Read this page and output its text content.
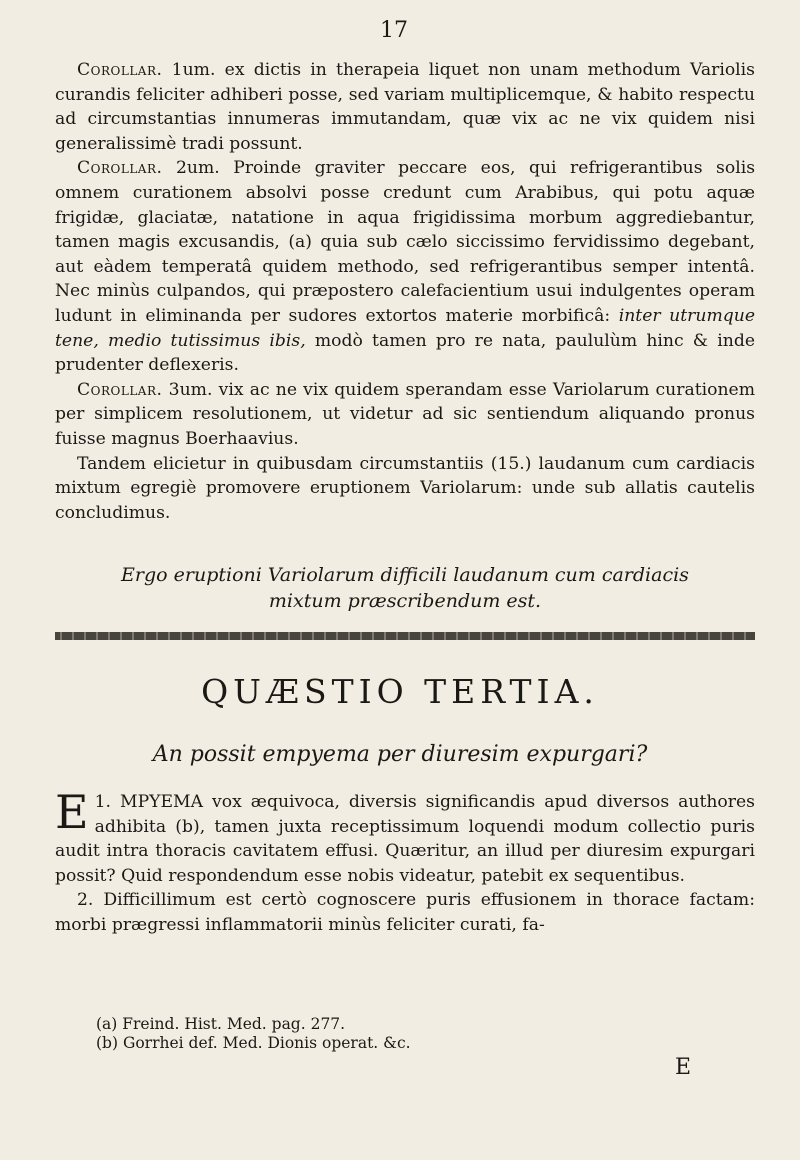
17

Corollar. 1um. ex dictis in therapeia liquet non unam methodum Variolis curandis feliciter adhiberi posse, sed variam multiplicemque, & habito respectu ad circumstantias innumeras immutandam, quæ vix ac ne vix quidem nisi generalissimè tradi possunt.

Corollar. 2um. Proinde graviter peccare eos, qui refrigerantibus solis omnem curationem absolvi posse credunt cum Arabibus, qui potu aquæ frigidæ, glaciatæ, natatione in aqua frigidissima morbum aggrediebantur, tamen magis excusandis, (a) quia sub cælo siccissimo fervidissimo degebant, aut eàdem temperatâ quidem methodo, sed refrigerantibus semper intentâ. Nec minùs culpandos, qui præpostero calefacientium usui indulgentes operam ludunt in eliminanda per sudores extortos materie morbificâ: inter utrumque tene, medio tutissimus ibis, modò tamen pro re nata, paululùm hinc & inde prudenter deflexeris.

Corollar. 3um. vix ac ne vix quidem sperandam esse Variolarum curationem per simplicem resolutionem, ut videtur ad sic sentiendum aliquando pronus fuisse magnus Boerhaavius.

Tandem elicietur in quibusdam circumstantiis (15.) laudanum cum cardiacis mixtum egregiè promovere eruptionem Variolarum: unde sub allatis cautelis concludimus.

Ergo eruptioni Variolarum difficili laudanum cum cardiacis
mixtum præscribendum est.
QUÆSTIO TERTIA.
An possit empyema per diuresim expurgari?

1.
E MPYEMA vox æquivoca, diversis significandis apud diversos authores adhibita (b), tamen juxta receptissimum loquendi modum collectio puris audit intra thoracis cavitatem effusi. Quæritur, an illud per diuresim expurgari possit? Quid respondendum esse nobis videatur, patebit ex sequentibus.

2. Difficillimum est certò cognoscere puris effusionem in thorace factam: morbi prægressi inflammatorii minùs feliciter curati, fa-

(a) Freind. Hist. Med. pag. 277.
(b) Gorrhei def. Med. Dionis operat. &c.
E
